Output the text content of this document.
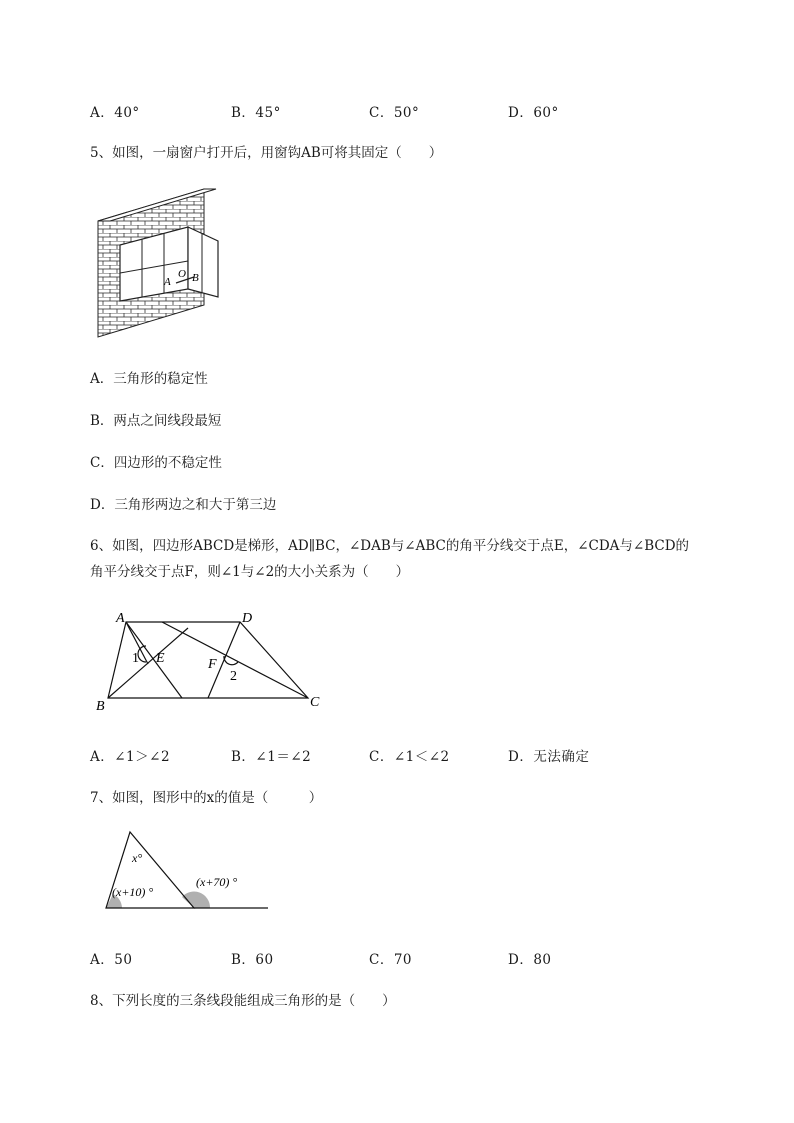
A．40°	B．45°	C．50°	D．60°
5、如图，一扇窗户打开后，用窗钩AB可将其固定（　　）
A
O B
A．三角形的稳定性
B．两点之间线段最短
C．四边形的不稳定性
D．三角形两边之和大于第三边
6、如图，四边形ABCD是梯形，AD∥BC，∠DAB与∠ABC的角平分线交于点E，∠CDA与∠BCD的
角平分线交于点F，则∠1与∠2的大小关系为（　　）
A	D
B	C
E	F
1
2
A．∠1＞∠2	B．∠1＝∠2	C．∠1＜∠2	D．无法确定
7、如图，图形中的x的值是（　　　）
x°
(x+10) °
(x+70) °
A．50	B．60	C．70	D．80
8、下列长度的三条线段能组成三角形的是（　　）
